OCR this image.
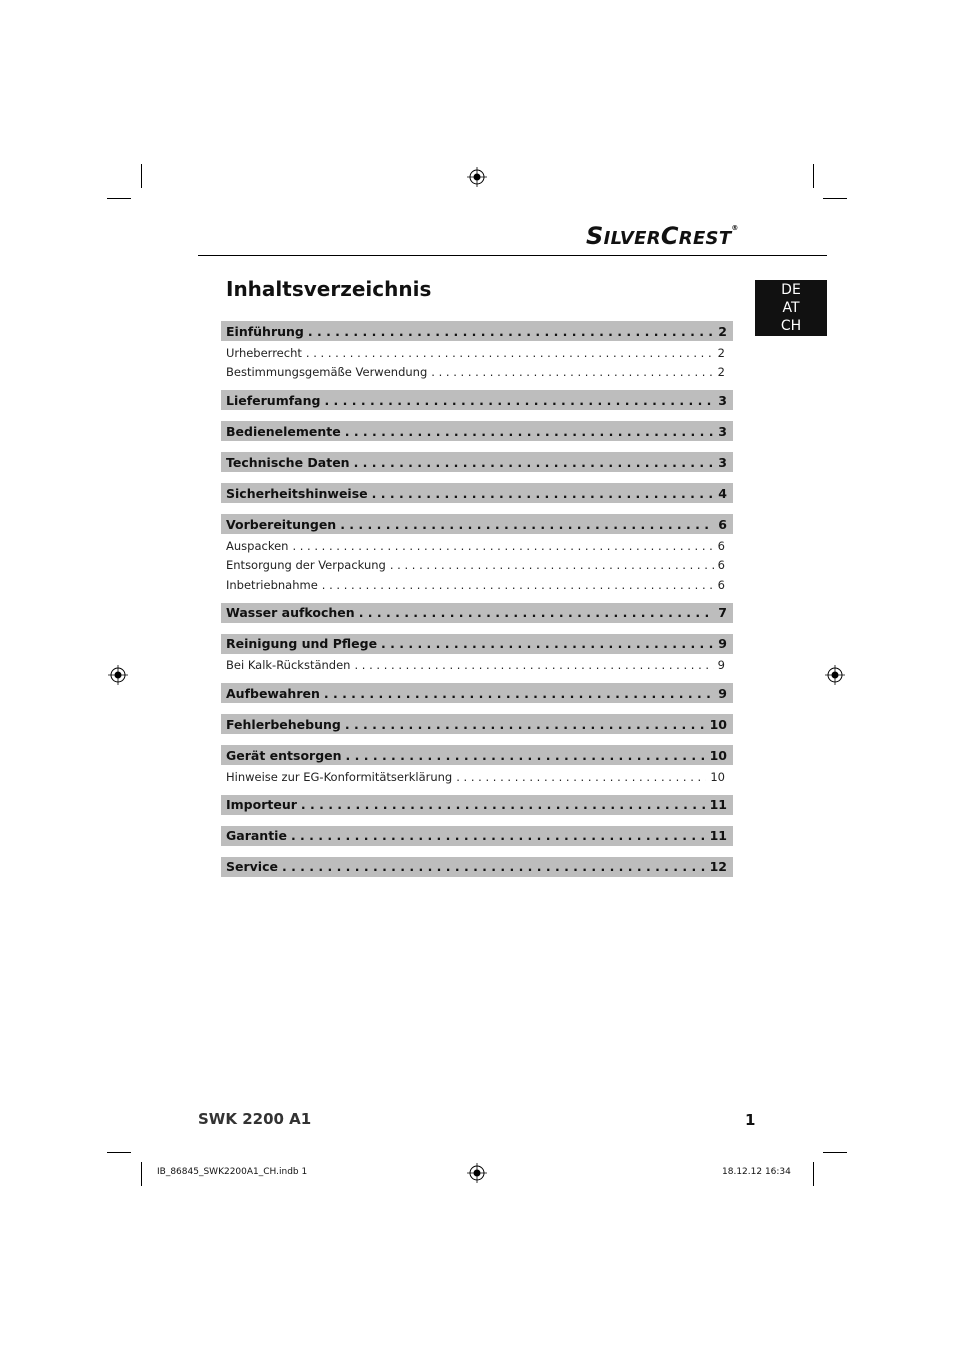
SILVERCREST®
Inhaltsverzeichnis	DE
AT
CH
Einführung . . .	2
Urheberrecht . . .	2
Bestimmungsgemäße Verwendung . . .	2
Lieferumfang . . .	3
Bedienelemente . . .	3
Technische Daten . . .	3
Sicherheitshinweise . . .	4
Vorbereitungen . . .	6
Auspacken . . .	6
Entsorgung der Verpackung . . .	6
Inbetriebnahme . . .	6
Wasser aufkochen . . .	7
Reinigung und Pflege . . .	9
Bei Kalk-Rückständen . . .	9
Aufbewahren . . .	9
Fehlerbehebung . . .	10
Gerät entsorgen . . .	10
Hinweise zur EG-Konformitätserklärung . . .	10
Importeur . . .	11
Garantie . . .	11
Service . . .	12
SWK 2200 A1	1
IB_86845_SWK2200A1_CH.indb 1	18.12.12 16:34
